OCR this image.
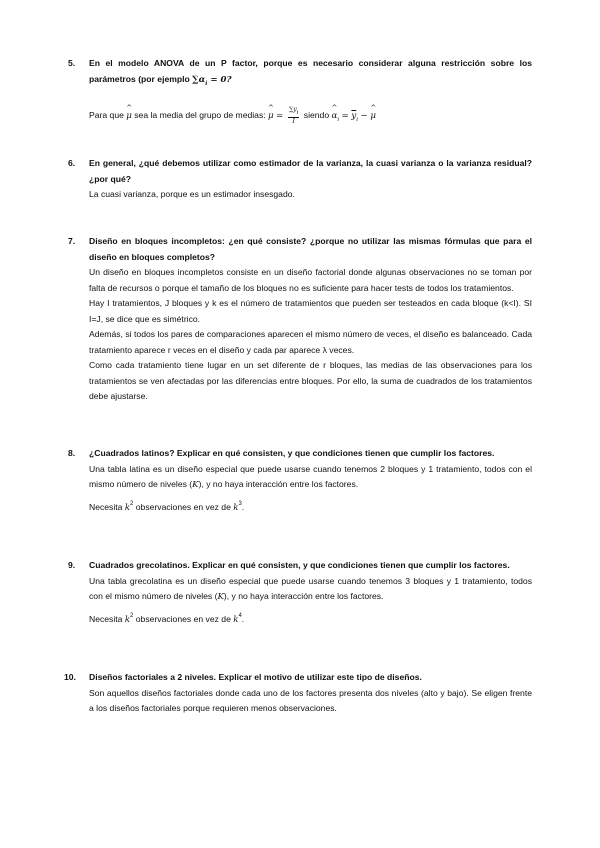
5. En el modelo ANOVA de un P factor, porque es necesario considerar alguna restricción sobre los parámetros (por ejemplo $\sum\alpha_i = 0$?
Para que ^ μ sea la media del grupo de medias: ^ $\mu = \frac{\sum yi}{I}$ siendo ^ $\alpha_i = \overline{y}_i$ − ^ μ
6. En general, ¿qué debemos utilizar como estimador de la varianza, la cuasi varianza o la varianza residual? ¿por qué?

La cuasi varianza, porque es un estimador insesgado.

7. Diseño en bloques incompletos: ¿en qué consiste? ¿porque no utilizar las mismas fórmulas que para el diseño en bloques completos?

Un diseño en bloques incompletos consiste en un diseño factorial donde algunas observaciones no se toman por falta de recursos o porque el tamaño de los bloques no es suficiente para hacer tests de todos los tratamientos.

Hay I tratamientos, J bloques y k es el número de tratamientos que pueden ser testeados en cada bloque (k<I). SI I=J, se dice que es simétrico.

Además, si todos los pares de comparaciones aparecen el mismo número de veces, el diseño es balanceado. Cada tratamiento aparece r veces en el diseño y cada par aparece λ veces.

Como cada tratamiento tiene lugar en un set diferente de r bloques, las medias de las observaciones para los tratamientos se ven afectadas por las diferencias entre bloques. Por ello, la suma de cuadrados de los tratamientos debe ajustarse.

8. ¿Cuadrados latinos? Explicar en qué consisten, y que condiciones tienen que cumplir los factores.

Una tabla latina es un diseño especial que puede usarse cuando tenemos 2 bloques y 1 tratamiento, todos con el mismo número de niveles (K), y no haya interacción entre los factores.

Necesita $k^2$ observaciones en vez de $k^3$.

9. Cuadrados grecolatinos. Explicar en qué consisten, y que condiciones tienen que cumplir los factores.

Una tabla grecolatina es un diseño especial que puede usarse cuando tenemos 3 bloques y 1 tratamiento, todos con el mismo número de niveles (K), y no haya interacción entre los factores.

Necesita $k^2$ observaciones en vez de $k^4$.

10. Diseños factoriales a 2 niveles. Explicar el motivo de utilizar este tipo de diseños.

Son aquellos diseños factoriales donde cada uno de los factores presenta dos niveles (alto y bajo). Se eligen frente a los diseños factoriales porque requieren menos observaciones.
